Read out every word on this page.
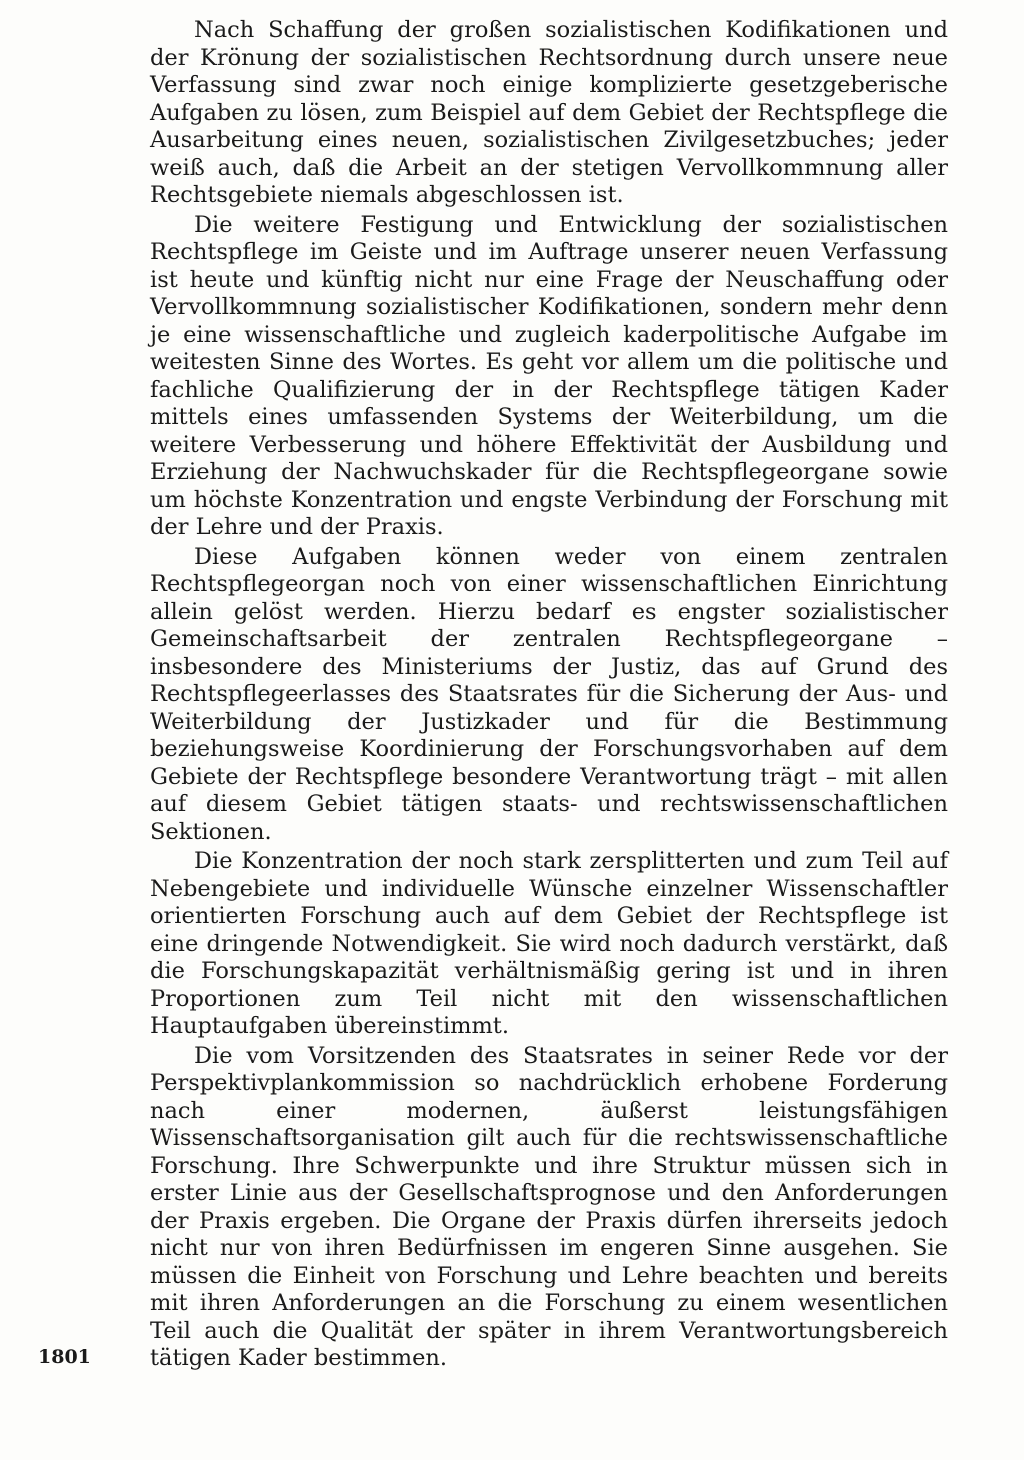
Nach Schaffung der großen sozialistischen Kodifikationen und der Krönung der sozialistischen Rechtsordnung durch unsere neue Verfassung sind zwar noch einige komplizierte gesetzgeberische Aufgaben zu lösen, zum Beispiel auf dem Gebiet der Rechtspflege die Ausarbeitung eines neuen, sozialistischen Zivilgesetzbuches; jeder weiß auch, daß die Arbeit an der stetigen Vervollkommnung aller Rechtsgebiete niemals abgeschlossen ist.

Die weitere Festigung und Entwicklung der sozialistischen Rechtspflege im Geiste und im Auftrage unserer neuen Verfassung ist heute und künftig nicht nur eine Frage der Neuschaffung oder Vervollkommnung sozialistischer Kodifikationen, sondern mehr denn je eine wissenschaftliche und zugleich kaderpolitische Aufgabe im weitesten Sinne des Wortes. Es geht vor allem um die politische und fachliche Qualifizierung der in der Rechtspflege tätigen Kader mittels eines umfassenden Systems der Weiterbildung, um die weitere Verbesserung und höhere Effektivität der Ausbildung und Erziehung der Nachwuchskader für die Rechtspflegeorgane sowie um höchste Konzentration und engste Verbindung der Forschung mit der Lehre und der Praxis.

Diese Aufgaben können weder von einem zentralen Rechtspflegeorgan noch von einer wissenschaftlichen Einrichtung allein gelöst werden. Hierzu bedarf es engster sozialistischer Gemeinschaftsarbeit der zentralen Rechtspflegeorgane – insbesondere des Ministeriums der Justiz, das auf Grund des Rechtspflegeerlasses des Staatsrates für die Sicherung der Aus- und Weiterbildung der Justizkader und für die Bestimmung beziehungsweise Koordinierung der Forschungsvorhaben auf dem Gebiete der Rechtspflege besondere Verantwortung trägt – mit allen auf diesem Gebiet tätigen staats- und rechtswissenschaftlichen Sektionen.

Die Konzentration der noch stark zersplitterten und zum Teil auf Nebengebiete und individuelle Wünsche einzelner Wissenschaftler orientierten Forschung auch auf dem Gebiet der Rechtspflege ist eine dringende Notwendigkeit. Sie wird noch dadurch verstärkt, daß die Forschungskapazität verhältnismäßig gering ist und in ihren Proportionen zum Teil nicht mit den wissenschaftlichen Hauptaufgaben übereinstimmt.

Die vom Vorsitzenden des Staatsrates in seiner Rede vor der Perspektivplankommission so nachdrücklich erhobene Forderung nach einer modernen, äußerst leistungsfähigen Wissenschaftsorganisation gilt auch für die rechtswissenschaftliche Forschung. Ihre Schwerpunkte und ihre Struktur müssen sich in erster Linie aus der Gesellschaftsprognose und den Anforderungen der Praxis ergeben. Die Organe der Praxis dürfen ihrerseits jedoch nicht nur von ihren Bedürfnissen im engeren Sinne ausgehen. Sie müssen die Einheit von Forschung und Lehre beachten und bereits mit ihren Anforderungen an die Forschung zu einem wesentlichen Teil auch die Qualität der später in ihrem Verantwortungsbereich tätigen Kader bestimmen.

1801
